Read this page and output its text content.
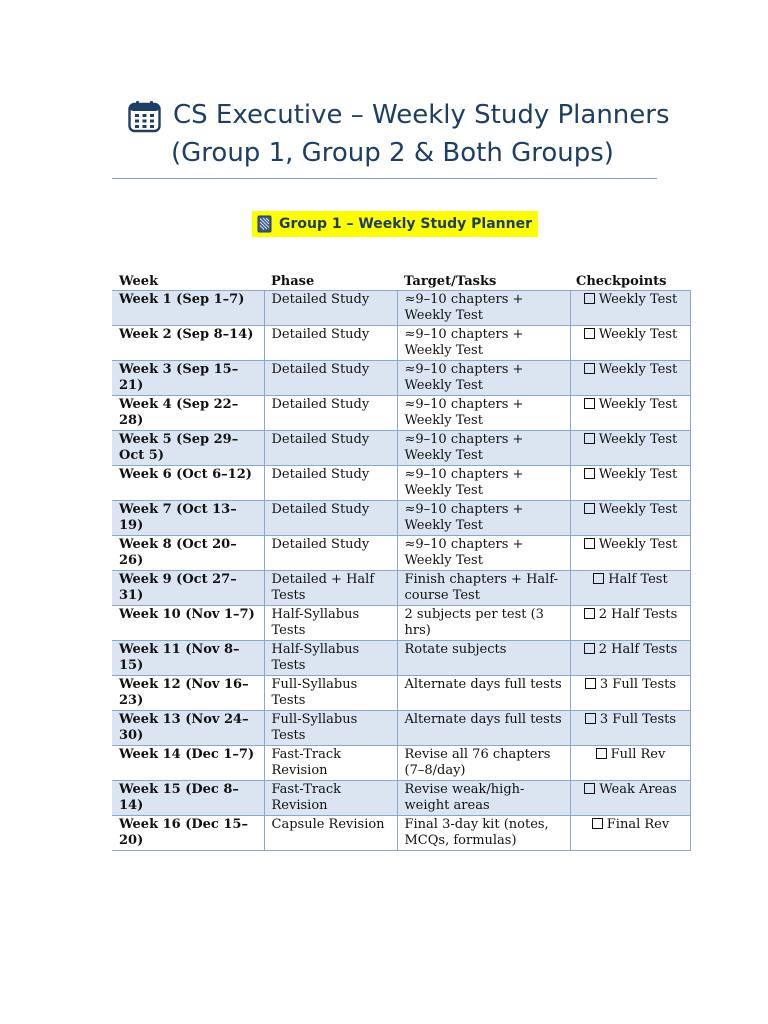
CS Executive – Weekly Study Planners
(Group 1, Group 2 & Both Groups)
Group 1 – Weekly Study Planner
Week	Phase	Target/Tasks	Checkpoints
Week 1 (Sep 1–7)	Detailed Study	≈9–10 chapters + Weekly Test	Weekly Test
Week 2 (Sep 8–14)	Detailed Study	≈9–10 chapters + Weekly Test	Weekly Test
Week 3 (Sep 15–21)	Detailed Study	≈9–10 chapters + Weekly Test	Weekly Test
Week 4 (Sep 22–28)	Detailed Study	≈9–10 chapters + Weekly Test	Weekly Test
Week 5 (Sep 29–Oct 5)	Detailed Study	≈9–10 chapters + Weekly Test	Weekly Test
Week 6 (Oct 6–12)	Detailed Study	≈9–10 chapters + Weekly Test	Weekly Test
Week 7 (Oct 13–19)	Detailed Study	≈9–10 chapters + Weekly Test	Weekly Test
Week 8 (Oct 20–26)	Detailed Study	≈9–10 chapters + Weekly Test	Weekly Test
Week 9 (Oct 27–31)	Detailed + Half Tests	Finish chapters + Half-course Test	Half Test
Week 10 (Nov 1–7)	Half-Syllabus Tests	2 subjects per test (3 hrs)	2 Half Tests
Week 11 (Nov 8–15)	Half-Syllabus Tests	Rotate subjects	2 Half Tests
Week 12 (Nov 16–23)	Full-Syllabus Tests	Alternate days full tests	3 Full Tests
Week 13 (Nov 24–30)	Full-Syllabus Tests	Alternate days full tests	3 Full Tests
Week 14 (Dec 1–7)	Fast-Track Revision	Revise all 76 chapters (7–8/day)	Full Rev
Week 15 (Dec 8–14)	Fast-Track Revision	Revise weak/high-weight areas	Weak Areas
Week 16 (Dec 15–20)	Capsule Revision	Final 3-day kit (notes, MCQs, formulas)	Final Rev
